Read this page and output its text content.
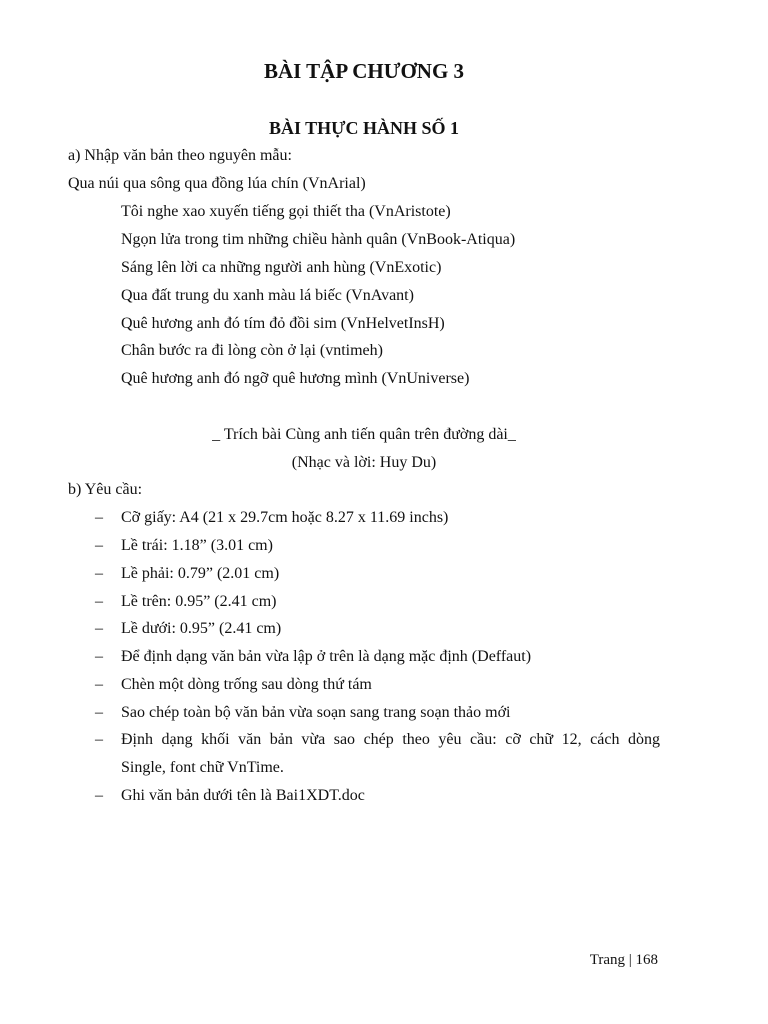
BÀI TẬP CHƯƠNG 3
BÀI THỰC HÀNH SỐ 1
a) Nhập văn bản theo nguyên mẫu:
Qua núi qua sông qua đồng lúa chín (VnArial)
Tôi nghe xao xuyến tiếng gọi thiết tha (VnAristote)
Ngọn lửa trong tim những chiều hành quân (VnBook-Atiqua)
Sáng lên lời ca những người anh hùng (VnExotic)
Qua đất trung du xanh màu lá biếc (VnAvant)
Quê hương anh đó tím đỏ đồi sim (VnHelvetInsH)
Chân bước ra đi lòng còn ở lại (vntimeh)
Quê hương anh đó ngỡ quê hương mình (VnUniverse)
_ Trích bài Cùng anh tiến quân trên đường dài_
(Nhạc và lời: Huy Du)
b) Yêu cầu:
– Cỡ giấy: A4 (21 x 29.7cm hoặc 8.27 x 11.69 inchs)
– Lề trái: 1.18” (3.01 cm)
– Lề phải: 0.79” (2.01 cm)
– Lề trên: 0.95” (2.41 cm)
– Lề dưới: 0.95” (2.41 cm)
– Để định dạng văn bản vừa lập ở trên là dạng mặc định (Deffaut)
– Chèn một dòng trống sau dòng thứ tám
– Sao chép toàn bộ văn bản vừa soạn sang trang soạn thảo mới
– Định dạng khối văn bản vừa sao chép theo yêu cầu: cỡ chữ 12, cách dòng
Single, font chữ VnTime.
– Ghi văn bản dưới tên là Bai1XDT.doc
Trang | 168
